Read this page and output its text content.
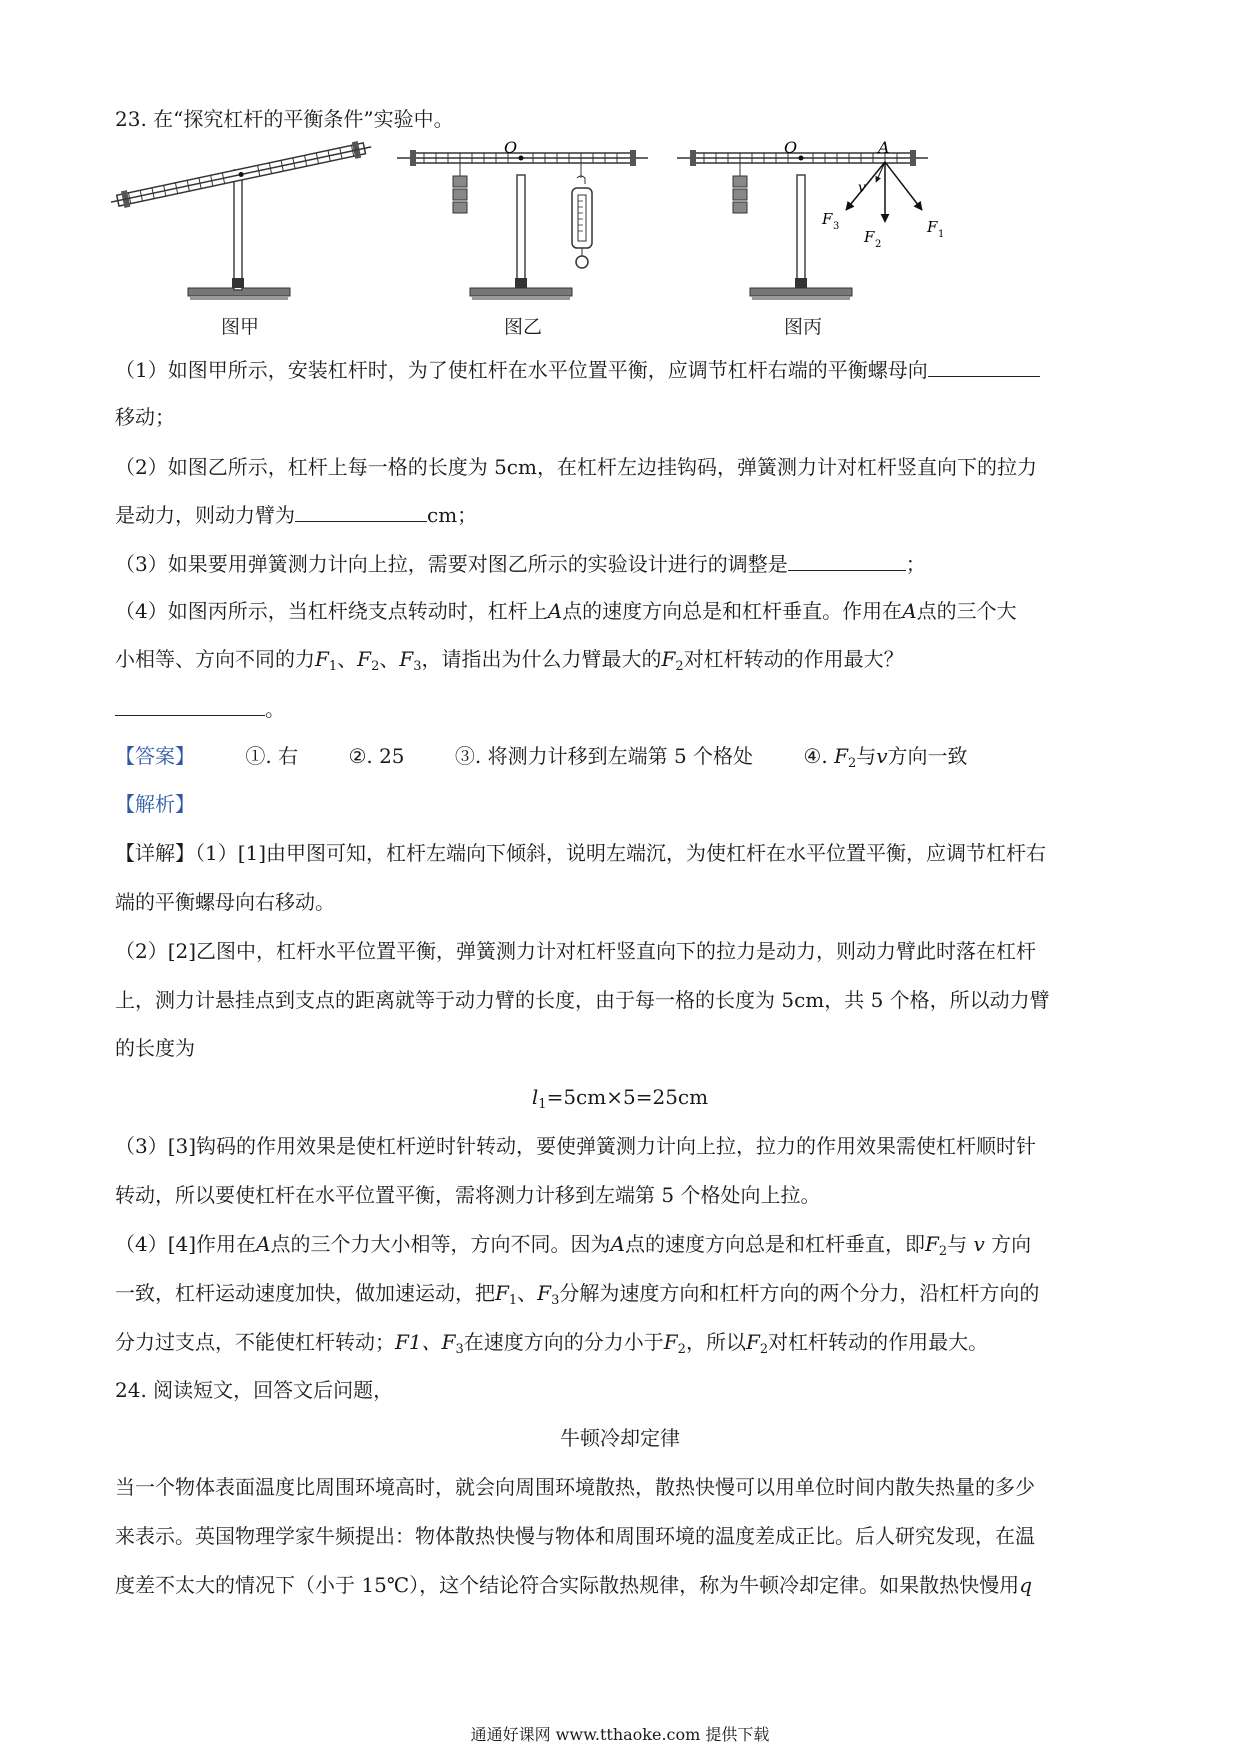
23. 在“探究杠杆的平衡条件”实验中。
O	O	A
v
F 3
F 2
F 1
图甲	图乙	图丙
（1）如图甲所示，安装杠杆时，为了使杠杆在水平位置平衡，应调节杠杆右端的平衡螺母向
移动；
（2）如图乙所示，杠杆上每一格的长度为 5cm，在杠杆左边挂钩码，弹簧测力计对杠杆竖直向下的拉力
是动力，则动力臂为	cm；
（3）如果要用弹簧测力计向上拉，需要对图乙所示的实验设计进行的调整是	；
（4）如图丙所示，当杠杆绕支点转动时，杠杆上A点的速度方向总是和杠杆垂直。作用在A点的三个大
小相等、方向不同的力$F_1$、$F_2$、$F_3$，请指出为什么力臂最大的$F_2$对杠杆转动的作用最大？
。
【答案】	①. 右	②. 25	③. 将测力计移到左端第 5 个格处	④. $F_2$与v方向一致
【解析】
【详解】（1）[1]由甲图可知，杠杆左端向下倾斜，说明左端沉，为使杠杆在水平位置平衡，应调节杠杆右
端的平衡螺母向右移动。
（2）[2]乙图中，杠杆水平位置平衡，弹簧测力计对杠杆竖直向下的拉力是动力，则动力臂此时落在杠杆
上，测力计悬挂点到支点的距离就等于动力臂的长度，由于每一格的长度为 5cm，共 5 个格，所以动力臂
的长度为
$l_1=5cm\times 5=25cm$
（3）[3]钩码的作用效果是使杠杆逆时针转动，要使弹簧测力计向上拉，拉力的作用效果需使杠杆顺时针
转动，所以要使杠杆在水平位置平衡，需将测力计移到左端第 5 个格处向上拉。
（4）[4]作用在A点的三个力大小相等，方向不同。因为A点的速度方向总是和杠杆垂直，即$F_2$与 v 方向
一致，杠杆运动速度加快，做加速运动，把$F_1$、$F_3$分解为速度方向和杠杆方向的两个分力，沿杠杆方向的
分力过支点，不能使杠杆转动；F1、$F_3$在速度方向的分力小于$F_2$，所以$F_2$对杠杆转动的作用最大。
24. 阅读短文，回答文后问题，
牛顿冷却定律
当一个物体表面温度比周围环境高时，就会向周围环境散热，散热快慢可以用单位时间内散失热量的多少
来表示。英国物理学家牛频提出：物体散热快慢与物体和周围环境的温度差成正比。后人研究发现，在温
度差不太大的情况下（小于 15℃），这个结论符合实际散热规律，称为牛顿冷却定律。如果散热快慢用q
通通好课网 www.tthaoke.com 提供下载
